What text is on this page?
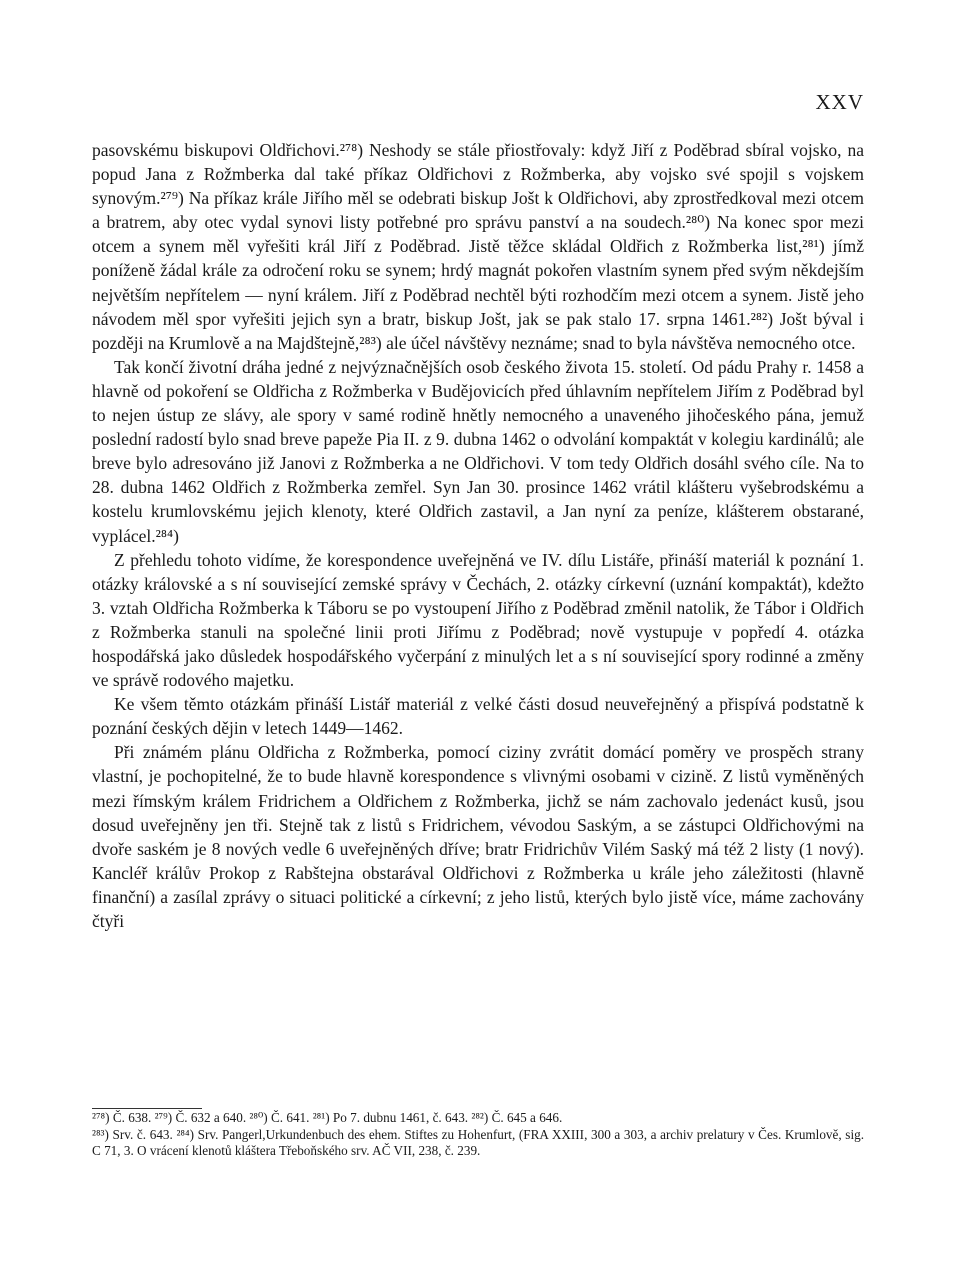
XXV

pasovskému biskupovi Oldřichovi.²⁷⁸) Neshody se stále přiostřovaly: když Jiří z Poděbrad sbíral vojsko, na popud Jana z Rožmberka dal také příkaz Oldřichovi z Rožmberka, aby vojsko své spojil s vojskem synovým.²⁷⁹) Na příkaz krále Jiřího měl se odebrati biskup Jošt k Oldřichovi, aby zprostředkoval mezi otcem a bratrem, aby otec vydal synovi listy potřebné pro správu panství a na soudech.²⁸⁰) Na konec spor mezi otcem a synem měl vyřešiti král Jiří z Poděbrad. Jistě těžce skládal Oldřich z Rožmberka list,²⁸¹) jímž poníženě žádal krále za odročení roku se synem; hrdý magnát pokořen vlastním synem před svým někdejším největším nepřítelem — nyní králem. Jiří z Poděbrad nechtěl býti rozhodčím mezi otcem a synem. Jistě jeho návodem měl spor vyřešiti jejich syn a bratr, biskup Jošt, jak se pak stalo 17. srpna 1461.²⁸²) Jošt býval i později na Krumlově a na Majdštejně,²⁸³) ale účel návštěvy neznáme; snad to byla návštěva nemocného otce.

Tak končí životní dráha jedné z nejvýznačnějších osob českého života 15. století. Od pádu Prahy r. 1458 a hlavně od pokoření se Oldřicha z Rožmberka v Budějovicích před úhlavním nepřítelem Jiřím z Poděbrad byl to nejen ústup ze slávy, ale spory v samé rodině hnětly nemocného a unaveného jihočeského pána, jemuž poslední radostí bylo snad breve papeže Pia II. z 9. dubna 1462 o odvolání kompaktát v kolegiu kardinálů; ale breve bylo adresováno již Janovi z Rožmberka a ne Oldřichovi. V tom tedy Oldřich dosáhl svého cíle. Na to 28. dubna 1462 Oldřich z Rožmberka zemřel. Syn Jan 30. prosince 1462 vrátil klášteru vyšebrodskému a kostelu krumlovskému jejich klenoty, které Oldřich zastavil, a Jan nyní za peníze, klášterem obstarané, vyplácel.²⁸⁴)

Z přehledu tohoto vidíme, že korespondence uveřejněná ve IV. dílu Listáře, přináší materiál k poznání 1. otázky královské a s ní související zemské správy v Čechách, 2. otázky církevní (uznání kompaktát), kdežto 3. vztah Oldřicha Rožmberka k Táboru se po vystoupení Jiřího z Poděbrad změnil natolik, že Tábor i Oldřich z Rožmberka stanuli na společné linii proti Jiřímu z Poděbrad; nově vystupuje v popředí 4. otázka hospodářská jako důsledek hospodářského vyčerpání z minulých let a s ní související spory rodinné a změny ve správě rodového majetku.

Ke všem těmto otázkám přináší Listář materiál z velké části dosud neuveřejněný a přispívá podstatně k poznání českých dějin v letech 1449—1462.

Při známém plánu Oldřicha z Rožmberka, pomocí ciziny zvrátit domácí poměry ve prospěch strany vlastní, je pochopitelné, že to bude hlavně korespondence s vlivnými osobami v cizině. Z listů vyměněných mezi římským králem Fridrichem a Oldřichem z Rožmberka, jichž se nám zachovalo jedenáct kusů, jsou dosud uveřejněny jen tři. Stejně tak z listů s Fridrichem, vévodou Saským, a se zástupci Oldřichovými na dvoře saském je 8 nových vedle 6 uveřejněných dříve; bratr Fridrichův Vilém Saský má též 2 listy (1 nový). Kancléř králův Prokop z Rabštejna obstarával Oldřichovi z Rožmberka u krále jeho záležitosti (hlavně finanční) a zasílal zprávy o situaci politické a církevní; z jeho listů, kterých bylo jistě více, máme zachovány čtyři

²⁷⁸) Č. 638. ²⁷⁹) Č. 632 a 640. ²⁸⁰) Č. 641. ²⁸¹) Po 7. dubnu 1461, č. 643. ²⁸²) Č. 645 a 646.

²⁸³) Srv. č. 643. ²⁸⁴) Srv. Pangerl,Urkundenbuch des ehem. Stiftes zu Hohenfurt, (FRA XXIII, 300 a 303, a archiv prelatury v Čes. Krumlově, sig. C 71, 3. O vrácení klenotů kláštera Třeboňského srv. AČ VII, 238, č. 239.
